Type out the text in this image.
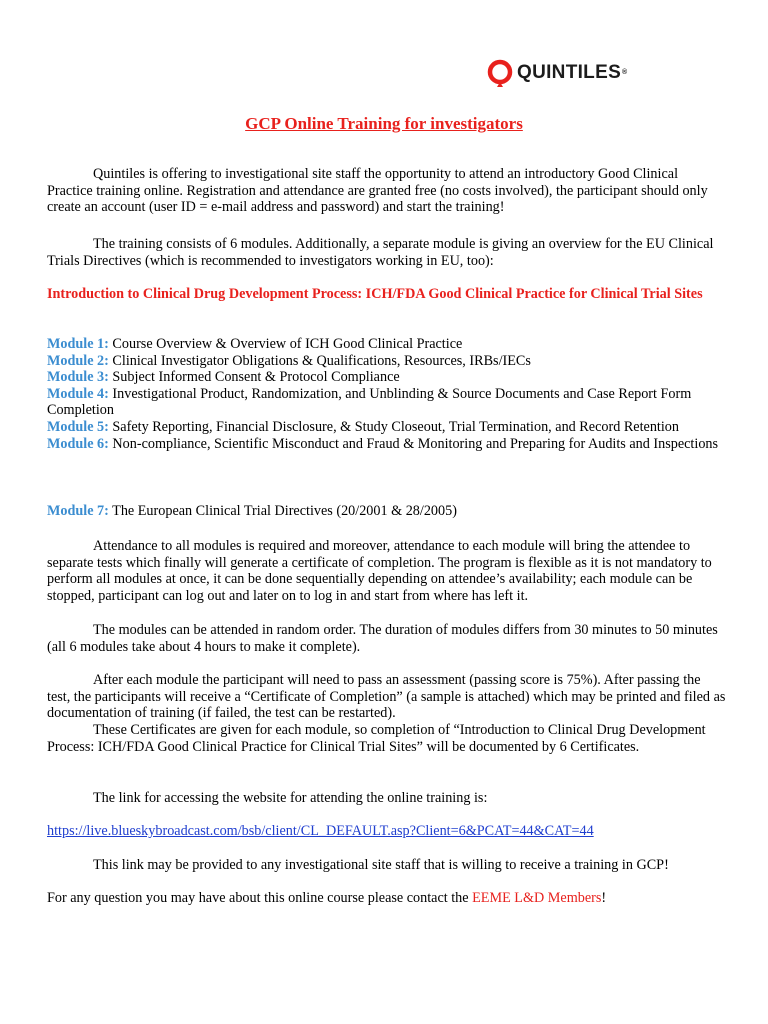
QUINTILES®
GCP Online Training for investigators

Quintiles is offering to investigational site staff the opportunity to attend an introductory Good Clinical Practice training online. Registration and attendance are granted free (no costs involved), the participant should only create an account (user ID = e-mail address and password) and start the training!

The training consists of 6 modules. Additionally, a separate module is giving an overview for the EU Clinical Trials Directives (which is recommended to investigators working in EU, too):

Introduction to Clinical Drug Development Process: ICH/FDA Good Clinical Practice for Clinical Trial Sites

Module 1: Course Overview & Overview of ICH Good Clinical Practice
Module 2: Clinical Investigator Obligations & Qualifications, Resources, IRBs/IECs
Module 3: Subject Informed Consent & Protocol Compliance
Module 4: Investigational Product, Randomization, and Unblinding & Source Documents and Case Report Form Completion
Module 5: Safety Reporting, Financial Disclosure, & Study Closeout, Trial Termination, and Record Retention
Module 6: Non-compliance, Scientific Misconduct and Fraud & Monitoring and Preparing for Audits and Inspections
Module 7: The European Clinical Trial Directives (20/2001 & 28/2005)

Attendance to all modules is required and moreover, attendance to each module will bring the attendee to separate tests which finally will generate a certificate of completion. The program is flexible as it is not mandatory to perform all modules at once, it can be done sequentially depending on attendee’s availability; each module can be stopped, participant can log out and later on to log in and start from where has left it.

The modules can be attended in random order. The duration of modules differs from 30 minutes to 50 minutes (all 6 modules take about 4 hours to make it complete).

After each module the participant will need to pass an assessment (passing score is 75%). After passing the test, the participants will receive a “Certificate of Completion” (a sample is attached) which may be printed and filed as documentation of training (if failed, the test can be restarted).

These Certificates are given for each module, so completion of “Introduction to Clinical Drug Development Process: ICH/FDA Good Clinical Practice for Clinical Trial Sites” will be documented by 6 Certificates.

The link for accessing the website for attending the online training is:

https://live.blueskybroadcast.com/bsb/client/CL_DEFAULT.asp?Client=6&PCAT=44&CAT=44

This link may be provided to any investigational site staff that is willing to receive a training in GCP!

For any question you may have about this online course please contact the EEME L&D Members!
